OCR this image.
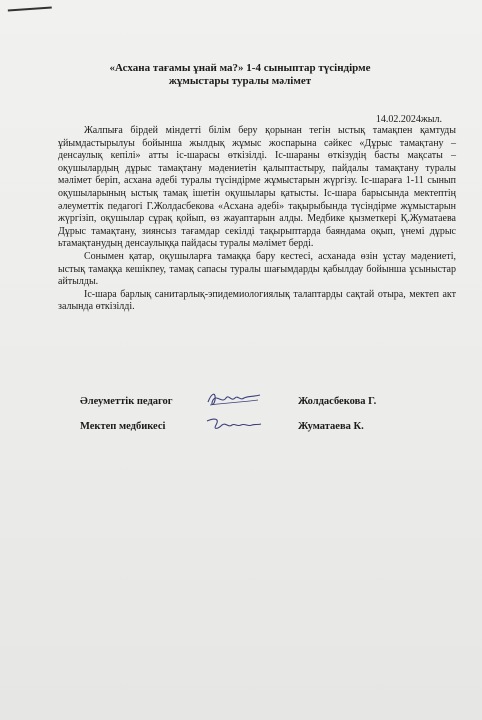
«Асхана тағамы ұнай ма?» 1-4 сыныптар түсіндірме
жұмыстары туралы мәлімет
14.02.2024жыл.

Жалпыға бірдей міндетті білім беру қорынан тегін ыстық тамақпен қамтуды ұйымдастырылуы бойынша жылдық жұмыс жоспарына сәйкес «Дұрыс тамақтану – денсаулық кепілі» атты іс-шарасы өткізілді. Іс-шараны өткізудің басты мақсаты – оқушылардың дұрыс тамақтану мәдениетін қалыптастыру, пайдалы тамақтану туралы мәлімет беріп, асхана әдебі туралы түсіндірме жұмыстарын жүргізу. Іс-шараға 1-11 сынып оқушыларының ыстық тамақ ішетін оқушылары қатысты. Іс-шара барысында мектептің әлеуметтік педагогі Г.Жолдасбекова «Асхана әдебі» тақырыбында түсіндірме жұмыстарын жүргізіп, оқушылар сұрақ қойып, өз жауаптарын алды. Медбике қызметкері Қ.Жуматаева Дұрыс тамақтану, зиянсыз тағамдар секілді тақырыптарда баяндама оқып, үнемі дұрыс ьтамақтанудың денсаулыққа пайдасы туралы мәлімет берді.

Сонымен қатар, оқушыларға тамаққа бару кестесі, асханада өзін ұстау мәдениеті, ыстық тамаққа кешікпеу, тамақ сапасы туралы шағымдарды қабылдау бойынша ұсыныстар айтылды.

Іс-шара барлық санитарлық-эпидемиологиялық талаптарды сақтай отыра, мектеп акт залында өткізілді.

Әлеуметтік педагог	Жолдасбекова Г.
Мектеп медбикесі	Жуматаева К.
